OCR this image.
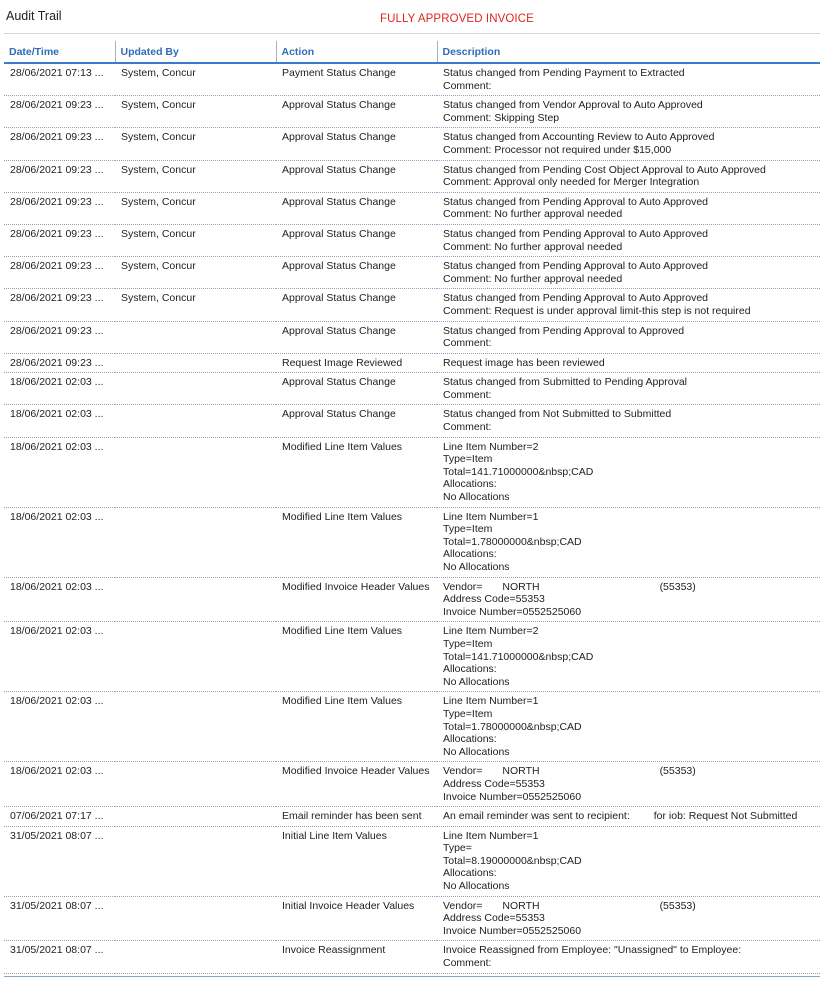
Audit Trail	FULLY APPROVED INVOICE
Date/Time	Updated By	Action	Description
28/06/2021 07:13 ...	System, Concur	Payment Status Change	Status changed from Pending Payment to Extracted
Comment:

28/06/2021 09:23 ...	System, Concur	Approval Status Change	Status changed from Vendor Approval to Auto Approved
Comment: Skipping Step

28/06/2021 09:23 ...	System, Concur	Approval Status Change	Status changed from Accounting Review to Auto Approved
Comment: Processor not required under $15,000

28/06/2021 09:23 ...	System, Concur	Approval Status Change	Status changed from Pending Cost Object Approval to Auto Approved
Comment: Approval only needed for Merger Integration

28/06/2021 09:23 ...	System, Concur	Approval Status Change	Status changed from Pending Approval to Auto Approved
Comment: No further approval needed

28/06/2021 09:23 ...	System, Concur	Approval Status Change	Status changed from Pending Approval to Auto Approved
Comment: No further approval needed

28/06/2021 09:23 ...	System, Concur	Approval Status Change	Status changed from Pending Approval to Auto Approved
Comment: No further approval needed

28/06/2021 09:23 ...	System, Concur	Approval Status Change	Status changed from Pending Approval to Auto Approved
Comment: Request is under approval limit-this step is not required

28/06/2021 09:23 ...		Approval Status Change	Status changed from Pending Approval to Approved
Comment:

28/06/2021 09:23 ...		Request Image Reviewed	Request image has been reviewed

18/06/2021 02:03 ...		Approval Status Change	Status changed from Submitted to Pending Approval
Comment:

18/06/2021 02:03 ...		Approval Status Change	Status changed from Not Submitted to Submitted
Comment:

18/06/2021 02:03 ...		Modified Line Item Values	Line Item Number=2
Type=Item
Total=141.71000000&nbsp;CAD
Allocations:
No Allocations

18/06/2021 02:03 ...		Modified Line Item Values	Line Item Number=1
Type=Item
Total=1.78000000&nbsp;CAD
Allocations:
No Allocations

18/06/2021 02:03 ...		Modified Invoice Header Values	Vendor= NORTH (55353)
Address Code=55353
Invoice Number=0552525060

18/06/2021 02:03 ...		Modified Line Item Values	Line Item Number=2
Type=Item
Total=141.71000000&nbsp;CAD
Allocations:
No Allocations

18/06/2021 02:03 ...		Modified Line Item Values	Line Item Number=1
Type=Item
Total=1.78000000&nbsp;CAD
Allocations:
No Allocations

18/06/2021 02:03 ...		Modified Invoice Header Values	Vendor= NORTH (55353)
Address Code=55353
Invoice Number=0552525060

07/06/2021 07:17 ...		Email reminder has been sent	An email reminder was sent to recipient: for iob: Request Not Submitted

31/05/2021 08:07 ...		Initial Line Item Values	Line Item Number=1
Type=
Total=8.19000000&nbsp;CAD
Allocations:
No Allocations

31/05/2021 08:07 ...		Initial Invoice Header Values	Vendor= NORTH (55353)
Address Code=55353
Invoice Number=0552525060

31/05/2021 08:07 ...		Invoice Reassignment	Invoice Reassigned from Employee: "Unassigned" to Employee:
Comment:
